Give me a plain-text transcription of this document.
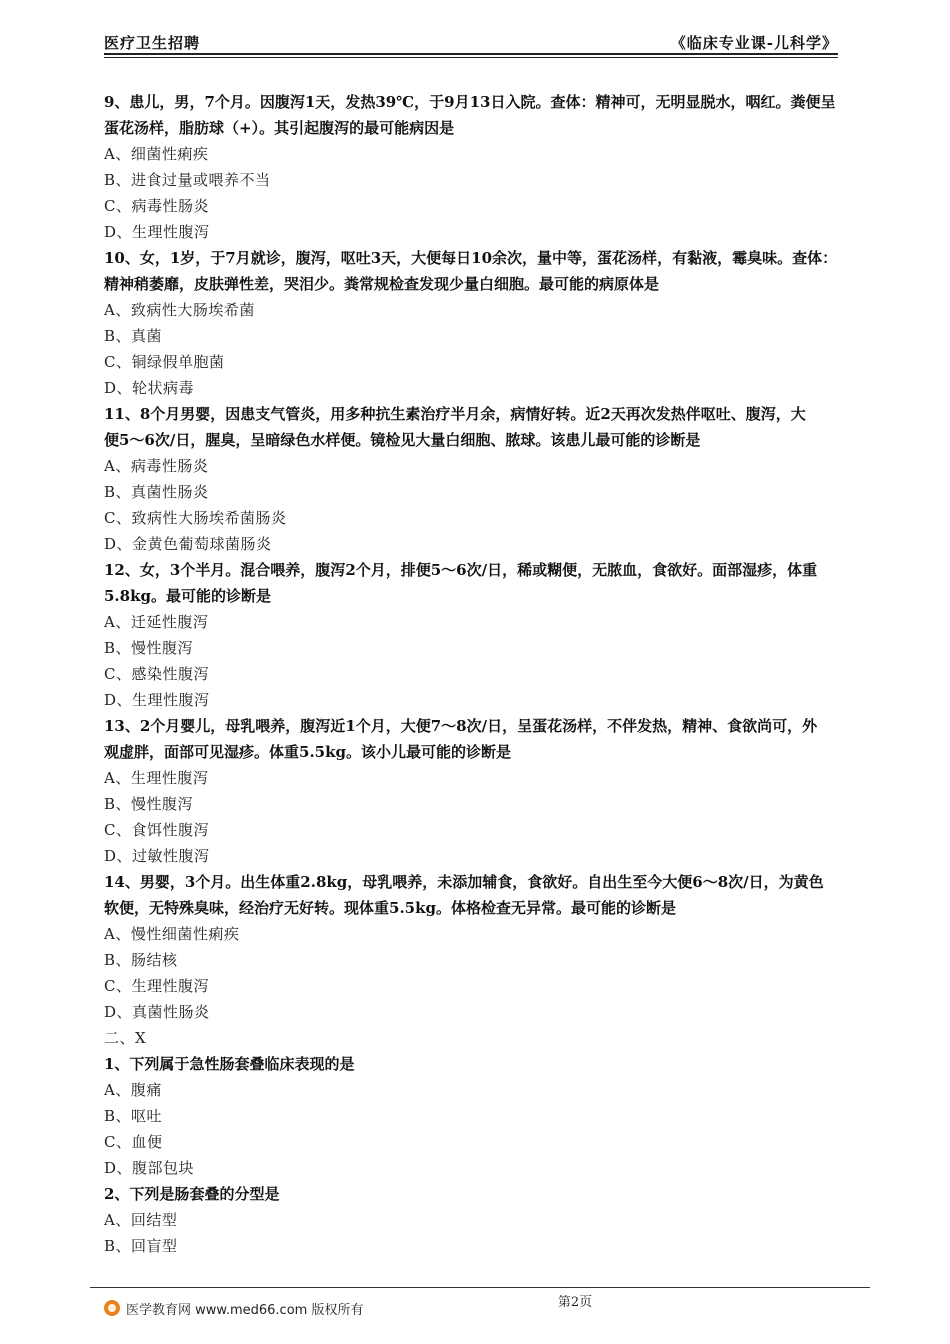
医疗卫生招聘	《临床专业课-儿科学》
9、患儿，男，7个月。因腹泻1天，发热39℃，于9月13日入院。查体：精神可，无明显脱水，咽红。粪便呈
蛋花汤样，脂肪球（+）。其引起腹泻的最可能病因是
A、细菌性痢疾
B、进食过量或喂养不当
C、病毒性肠炎
D、生理性腹泻
10、女，1岁，于7月就诊，腹泻，呕吐3天，大便每日10余次，量中等，蛋花汤样，有黏液，霉臭味。查体：
精神稍萎靡，皮肤弹性差，哭泪少。粪常规检查发现少量白细胞。最可能的病原体是
A、致病性大肠埃希菌
B、真菌
C、铜绿假单胞菌
D、轮状病毒
11、8个月男婴，因患支气管炎，用多种抗生素治疗半月余，病情好转。近2天再次发热伴呕吐、腹泻，大
便5～6次/日，腥臭，呈暗绿色水样便。镜检见大量白细胞、脓球。该患儿最可能的诊断是
A、病毒性肠炎
B、真菌性肠炎
C、致病性大肠埃希菌肠炎
D、金黄色葡萄球菌肠炎
12、女，3个半月。混合喂养，腹泻2个月，排便5～6次/日，稀或糊便，无脓血，食欲好。面部湿疹，体重
5.8kg。最可能的诊断是
A、迁延性腹泻
B、慢性腹泻
C、感染性腹泻
D、生理性腹泻
13、2个月婴儿，母乳喂养，腹泻近1个月，大便7～8次/日，呈蛋花汤样，不伴发热，精神、食欲尚可，外
观虚胖，面部可见湿疹。体重5.5kg。该小儿最可能的诊断是
A、生理性腹泻
B、慢性腹泻
C、食饵性腹泻
D、过敏性腹泻
14、男婴，3个月。出生体重2.8kg，母乳喂养，未添加辅食，食欲好。自出生至今大便6～8次/日，为黄色
软便，无特殊臭味，经治疗无好转。现体重5.5kg。体格检查无异常。最可能的诊断是
A、慢性细菌性痢疾
B、肠结核
C、生理性腹泻
D、真菌性肠炎
二、X
1、下列属于急性肠套叠临床表现的是
A、腹痛
B、呕吐
C、血便
D、腹部包块
2、下列是肠套叠的分型是
A、回结型
B、回盲型
第2页
医学教育网 www.med66.com 版权所有
